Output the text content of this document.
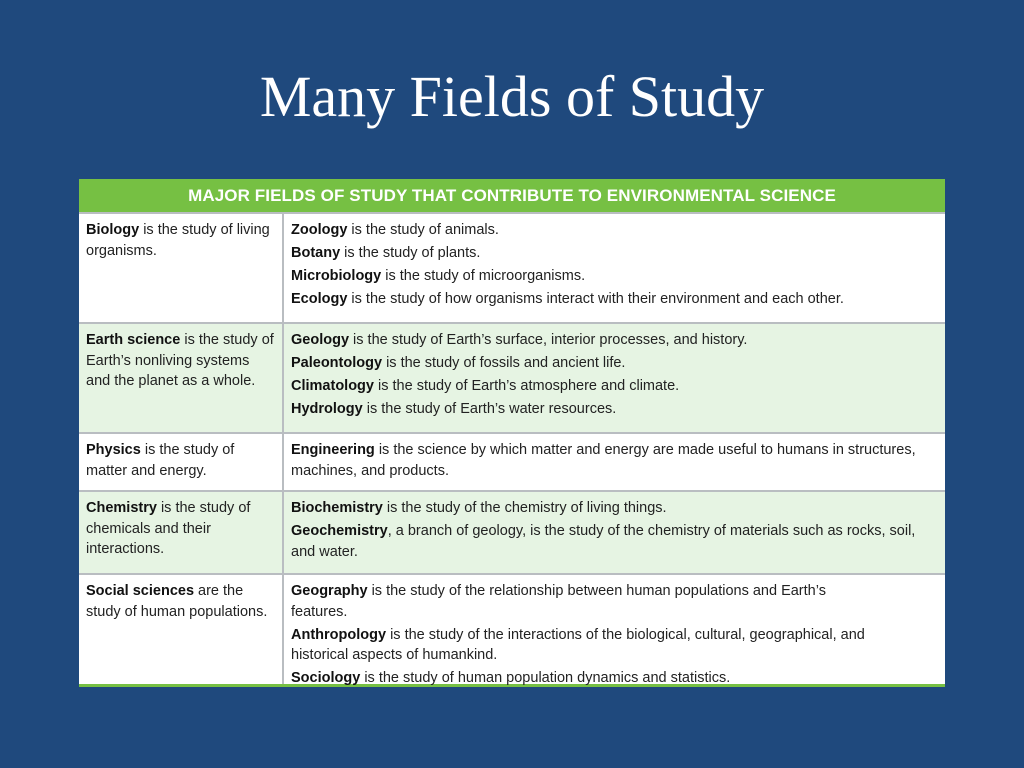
Many Fields of Study
MAJOR FIELDS OF STUDY THAT CONTRIBUTE TO ENVIRONMENTAL SCIENCE
Biology is the study of living organisms.
Zoology is the study of animals.
Botany is the study of plants.
Microbiology is the study of microorganisms.
Ecology is the study of how organisms interact with their environment and each other.
Earth science is the study of Earth’s nonliving systems and the planet as a whole.
Geology is the study of Earth’s surface, interior processes, and history.
Paleontology is the study of fossils and ancient life.
Climatology is the study of Earth’s atmosphere and climate.
Hydrology is the study of Earth’s water resources.
Physics is the study of matter and energy.
Engineering is the science by which matter and energy are made useful to humans in structures, machines, and products.
Chemistry is the study of chemicals and their interactions.
Biochemistry is the study of the chemistry of living things.
Geochemistry, a branch of geology, is the study of the chemistry of materials such as rocks, soil, and water.
Social sciences are the study of human populations.
Geography is the study of the relationship between human populations and Earth’s features.
Anthropology is the study of the interactions of the biological, cultural, geographical, and historical aspects of humankind.
Sociology is the study of human population dynamics and statistics.
